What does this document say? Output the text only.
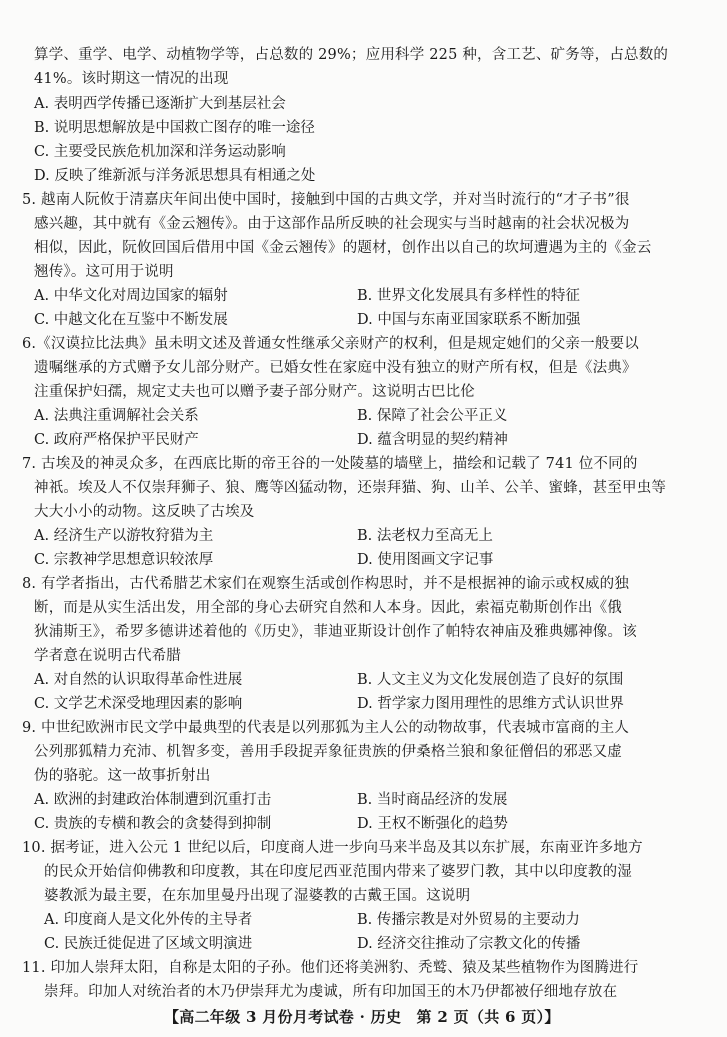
算学、重学、电学、动植物学等，占总数的 29%；应用科学 225 种，含工艺、矿务等，占总数的
41%。该时期这一情况的出现
A. 表明西学传播已逐渐扩大到基层社会
B. 说明思想解放是中国救亡图存的唯一途径
C. 主要受民族危机加深和洋务运动影响
D. 反映了维新派与洋务派思想具有相通之处
5. 越南人阮攸于清嘉庆年间出使中国时，接触到中国的古典文学，并对当时流行的“才子书”很
感兴趣，其中就有《金云翘传》。由于这部作品所反映的社会现实与当时越南的社会状况极为
相似，因此，阮攸回国后借用中国《金云翘传》的题材，创作出以自己的坎坷遭遇为主的《金云
翘传》。这可用于说明
A. 中华文化对周边国家的辐射	B. 世界文化发展具有多样性的特征
C. 中越文化在互鉴中不断发展	D. 中国与东南亚国家联系不断加强
6.《汉谟拉比法典》虽未明文述及普通女性继承父亲财产的权利，但是规定她们的父亲一般要以
遗嘱继承的方式赠予女儿部分财产。已婚女性在家庭中没有独立的财产所有权，但是《法典》
注重保护妇孺，规定丈夫也可以赠予妻子部分财产。这说明古巴比伦
A. 法典注重调解社会关系	B. 保障了社会公平正义
C. 政府严格保护平民财产	D. 蕴含明显的契约精神
7. 古埃及的神灵众多，在西底比斯的帝王谷的一处陵墓的墙壁上，描绘和记载了 741 位不同的
神祇。埃及人不仅崇拜狮子、狼、鹰等凶猛动物，还崇拜猫、狗、山羊、公羊、蜜蜂，甚至甲虫等
大大小小的动物。这反映了古埃及
A. 经济生产以游牧狩猎为主	B. 法老权力至高无上
C. 宗教神学思想意识较浓厚	D. 使用图画文字记事
8. 有学者指出，古代希腊艺术家们在观察生活或创作构思时，并不是根据神的谕示或权威的独
断，而是从实生活出发，用全部的身心去研究自然和人本身。因此，索福克勒斯创作出《俄
狄浦斯王》，希罗多德讲述着他的《历史》，菲迪亚斯设计创作了帕特农神庙及雅典娜神像。该
学者意在说明古代希腊
A. 对自然的认识取得革命性进展	B. 人文主义为文化发展创造了良好的氛围
C. 文学艺术深受地理因素的影响	D. 哲学家力图用理性的思维方式认识世界
9. 中世纪欧洲市民文学中最典型的代表是以列那狐为主人公的动物故事，代表城市富商的主人
公列那狐精力充沛、机智多变，善用手段捉弄象征贵族的伊桑格兰狼和象征僧侣的邪恶又虚
伪的骆驼。这一故事折射出
A. 欧洲的封建政治体制遭到沉重打击	B. 当时商品经济的发展
C. 贵族的专横和教会的贪婪得到抑制	D. 王权不断强化的趋势
10. 据考证，进入公元 1 世纪以后，印度商人进一步向马来半岛及其以东扩展，东南亚许多地方
的民众开始信仰佛教和印度教，其在印度尼西亚范围内带来了婆罗门教，其中以印度教的湿
婆教派为最主要，在东加里曼丹出现了湿婆教的古戴王国。这说明
A. 印度商人是文化外传的主导者	B. 传播宗教是对外贸易的主要动力
C. 民族迁徙促进了区域文明演进	D. 经济交往推动了宗教文化的传播
11. 印加人崇拜太阳，自称是太阳的子孙。他们还将美洲豹、秃鹫、猿及某些植物作为图腾进行
崇拜。印加人对统治者的木乃伊崇拜尤为虔诚，所有印加国王的木乃伊都被仔细地存放在
【高二年级 3 月份月考试卷 · 历史　第 2 页（共 6 页）】
